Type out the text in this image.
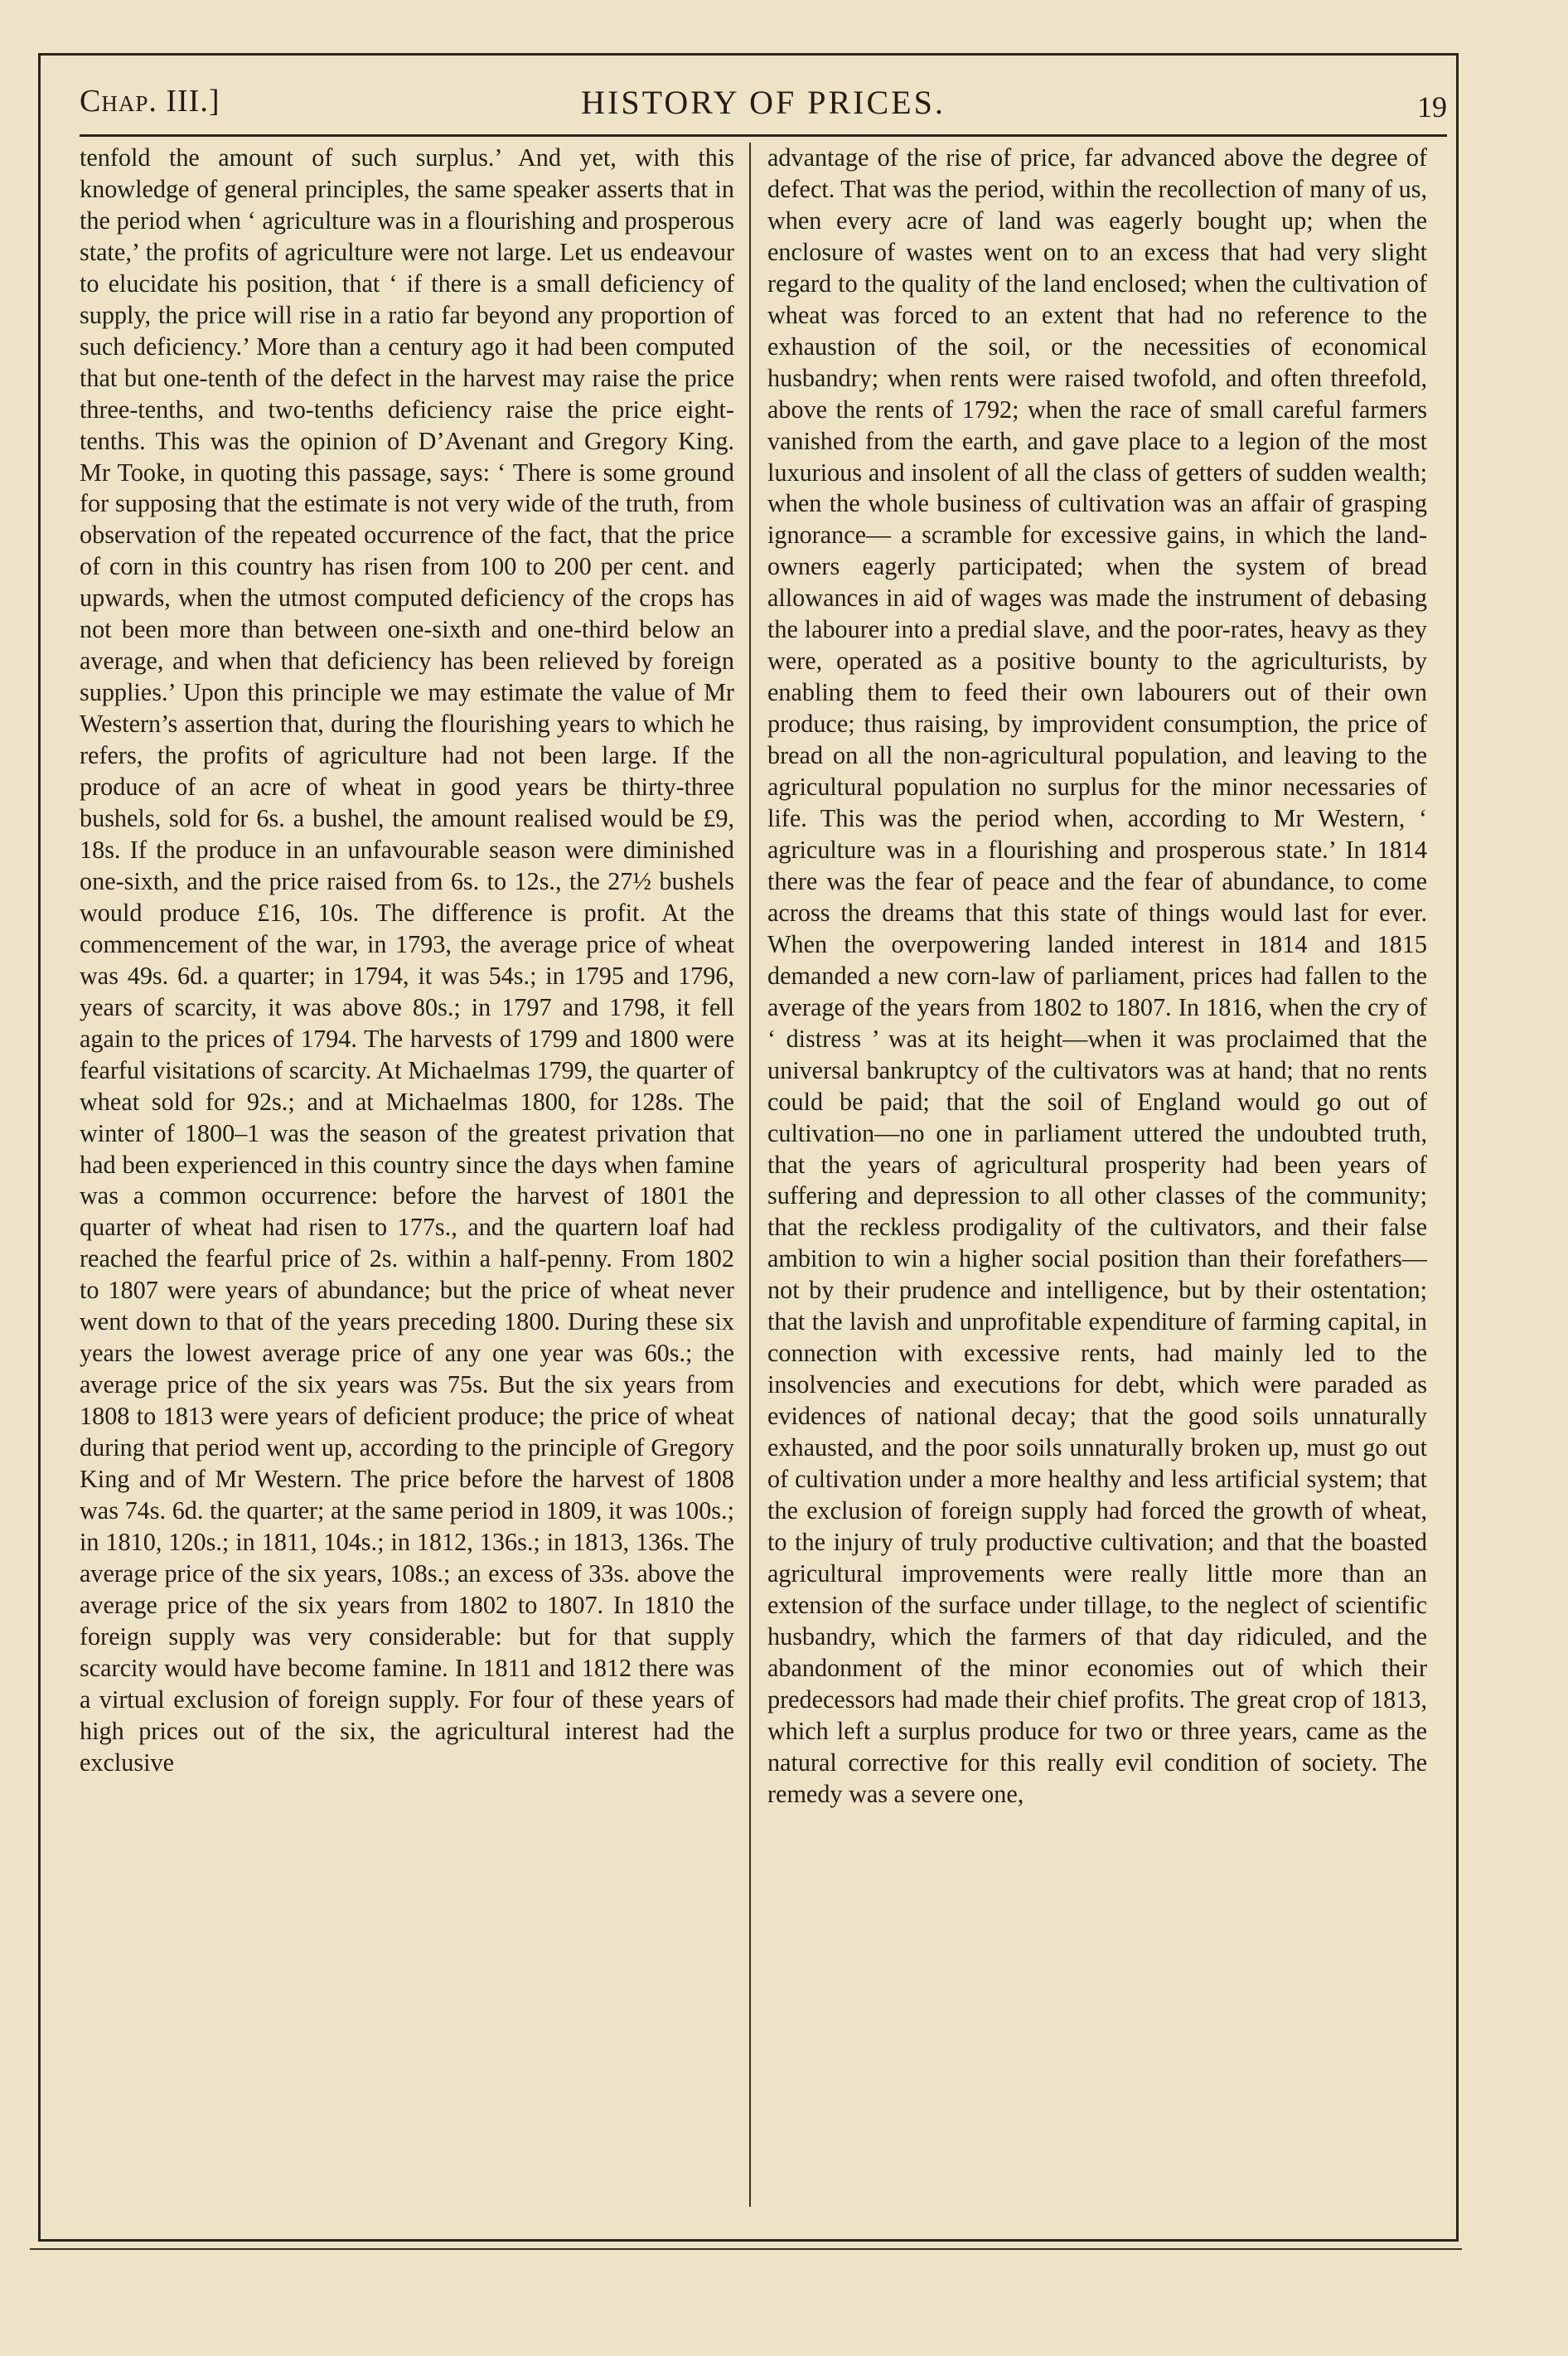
Chap. III.]	HISTORY OF PRICES.	19

tenfold the amount of such surplus.’ And yet, with this knowledge of general principles, the same speaker asserts that in the period when ‘ agriculture was in a flourishing and prosperous state,’ the profits of agriculture were not large. Let us endeavour to elucidate his position, that ‘ if there is a small deficiency of supply, the price will rise in a ratio far beyond any proportion of such deficiency.’ More than a century ago it had been computed that but one-tenth of the defect in the harvest may raise the price three-tenths, and two-tenths deficiency raise the price eight-tenths. This was the opinion of D’Avenant and Gregory King. Mr Tooke, in quoting this passage, says: ‘ There is some ground for supposing that the estimate is not very wide of the truth, from observation of the repeated occurrence of the fact, that the price of corn in this country has risen from 100 to 200 per cent. and upwards, when the utmost computed deficiency of the crops has not been more than between one-sixth and one-third below an average, and when that deficiency has been relieved by foreign supplies.’ Upon this principle we may estimate the value of Mr Western’s assertion that, during the flourishing years to which he refers, the profits of agriculture had not been large. If the produce of an acre of wheat in good years be thirty-three bushels, sold for 6s. a bushel, the amount realised would be £9, 18s. If the produce in an unfavourable season were diminished one-sixth, and the price raised from 6s. to 12s., the 27½ bushels would produce £16, 10s. The difference is profit. At the commencement of the war, in 1793, the average price of wheat was 49s. 6d. a quarter; in 1794, it was 54s.; in 1795 and 1796, years of scarcity, it was above 80s.; in 1797 and 1798, it fell again to the prices of 1794. The harvests of 1799 and 1800 were fearful visitations of scarcity. At Michaelmas 1799, the quarter of wheat sold for 92s.; and at Michaelmas 1800, for 128s. The winter of 1800–1 was the season of the greatest privation that had been experienced in this country since the days when famine was a common occurrence: before the harvest of 1801 the quarter of wheat had risen to 177s., and the quartern loaf had reached the fearful price of 2s. within a half-penny. From 1802 to 1807 were years of abundance; but the price of wheat never went down to that of the years preceding 1800. During these six years the lowest average price of any one year was 60s.; the average price of the six years was 75s. But the six years from 1808 to 1813 were years of deficient produce; the price of wheat during that period went up, according to the principle of Gregory King and of Mr Western. The price before the harvest of 1808 was 74s. 6d. the quarter; at the same period in 1809, it was 100s.; in 1810, 120s.; in 1811, 104s.; in 1812, 136s.; in 1813, 136s. The average price of the six years, 108s.; an excess of 33s. above the average price of the six years from 1802 to 1807. In 1810 the foreign supply was very considerable: but for that supply scarcity would have become famine. In 1811 and 1812 there was a virtual exclusion of foreign supply. For four of these years of high prices out of the six, the agricultural interest had the exclusive

advantage of the rise of price, far advanced above the degree of defect. That was the period, within the recollection of many of us, when every acre of land was eagerly bought up; when the enclosure of wastes went on to an excess that had very slight regard to the quality of the land enclosed; when the cultivation of wheat was forced to an extent that had no reference to the exhaustion of the soil, or the necessities of economical husbandry; when rents were raised twofold, and often threefold, above the rents of 1792; when the race of small careful farmers vanished from the earth, and gave place to a legion of the most luxurious and insolent of all the class of getters of sudden wealth; when the whole business of cultivation was an affair of grasping ignorance— a scramble for excessive gains, in which the landowners eagerly participated; when the system of bread allowances in aid of wages was made the instrument of debasing the labourer into a predial slave, and the poor-rates, heavy as they were, operated as a positive bounty to the agriculturists, by enabling them to feed their own labourers out of their own produce; thus raising, by improvident consumption, the price of bread on all the non-agricultural population, and leaving to the agricultural population no surplus for the minor necessaries of life. This was the period when, according to Mr Western, ‘ agriculture was in a flourishing and prosperous state.’ In 1814 there was the fear of peace and the fear of abundance, to come across the dreams that this state of things would last for ever. When the overpowering landed interest in 1814 and 1815 demanded a new corn-law of parliament, prices had fallen to the average of the years from 1802 to 1807. In 1816, when the cry of ‘ distress ’ was at its height—when it was proclaimed that the universal bankruptcy of the cultivators was at hand; that no rents could be paid; that the soil of England would go out of cultivation—no one in parliament uttered the undoubted truth, that the years of agricultural prosperity had been years of suffering and depression to all other classes of the community; that the reckless prodigality of the cultivators, and their false ambition to win a higher social position than their forefathers—not by their prudence and intelligence, but by their ostentation; that the lavish and unprofitable expenditure of farming capital, in connection with excessive rents, had mainly led to the insolvencies and executions for debt, which were paraded as evidences of national decay; that the good soils unnaturally exhausted, and the poor soils unnaturally broken up, must go out of cultivation under a more healthy and less artificial system; that the exclusion of foreign supply had forced the growth of wheat, to the injury of truly productive cultivation; and that the boasted agricultural improvements were really little more than an extension of the surface under tillage, to the neglect of scientific husbandry, which the farmers of that day ridiculed, and the abandonment of the minor economies out of which their predecessors had made their chief profits. The great crop of 1813, which left a surplus produce for two or three years, came as the natural corrective for this really evil condition of society. The remedy was a severe one,
